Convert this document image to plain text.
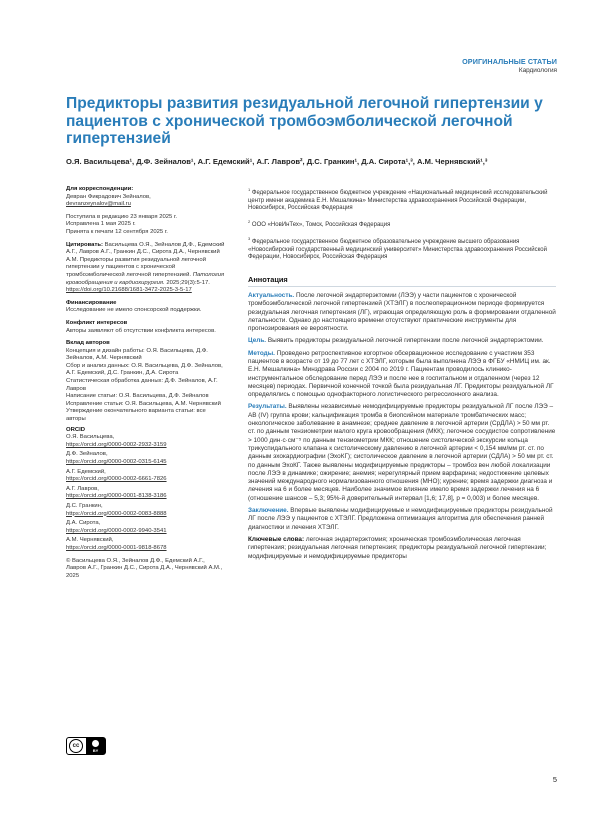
ОРИГИНАЛЬНЫЕ СТАТЬИ
Кардиология
Предикторы развития резидуальной легочной гипертензии у пациентов с хронической тромбоэмболической легочной гипертензией
О.Я. Васильцева¹, Д.Ф. Зейналов¹, А.Г. Едемский¹, А.Г. Лавров², Д.С. Гранкин¹, Д.А. Сирота¹,³, А.М. Чернявский¹,³
Для корреспонденции:
Девран Фикрадович Зейналов,
devranzeynalov@mail.ru
Поступила в редакцию 23 января 2025 г.
Исправлена 1 мая 2025 г.
Принята к печати 12 сентября 2025 г.
Цитировать: Васильцева О.Я., Зейналов Д.Ф., Едемский А.Г., Лавров А.Г., Гранкин Д.С., Сирота Д.А., Чернявский А.М. Предикторы развития резидуальной легочной гипертензии у пациентов с хронической тромбоэмболической легочной гипертензией. Патология кровообращения и кардиохирургия. 2025;29(3):5-17. https://doi.org/10.21688/1681-3472-2025-3-5-17
Финансирование
Исследование не имело спонсорской поддержки.
Конфликт интересов
Авторы заявляют об отсутствии конфликта интересов.
Вклад авторов
Концепция и дизайн работы: О.Я. Васильцева, Д.Ф. Зейналов, А.М. Чернявский
Сбор и анализ данных: О.Я. Васильцева, Д.Ф. Зейналов, А.Г. Едемский, Д.С. Гранкин, Д.А. Сирота
Статистическая обработка данных: Д.Ф. Зейналов, А.Г. Лавров
Написание статьи: О.Я. Васильцева, Д.Ф. Зейналов
Исправление статьи: О.Я. Васильцева, А.М. Чернявский
Утверждение окончательного варианта статьи: все авторы
ORCID
О.Я. Васильцева,
https://orcid.org/0000-0002-2932-3159
Д.Ф. Зейналов,
https://orcid.org/0000-0002-0315-6145
А.Г. Едемский,
https://orcid.org/0000-0002-6661-7826
А.Г. Лавров,
https://orcid.org/0000-0001-8138-3186
Д.С. Гранкин,
https://orcid.org/0000-0002-0083-8888
Д.А. Сирота,
https://orcid.org/0000-0002-9940-3541
А.М. Чернявский,
https://orcid.org/0000-0001-9818-8678
© Васильцева О.Я., Зейналов Д.Ф., Едемский А.Г., Лавров А.Г., Гранкин Д.С., Сирота Д.А., Чернявский А.М., 2025
$^1$ Федеральное государственное бюджетное учреждение «Национальный медицинский исследовательский центр имени академика Е.Н. Мешалкина» Министерства здравоохранения Российской Федерации, Новосибирск, Российская Федерация
$^2$ ООО «НовИнТех», Томск, Российская Федерация
$^3$ Федеральное государственное бюджетное образовательное учреждение высшего образования «Новосибирский государственный медицинский университет» Министерства здравоохранения Российской Федерации, Новосибирск, Российская Федерация
Аннотация
Актуальность. После легочной эндартерэктомии (ЛЭЭ) у части пациентов с хронической тромбоэмболической легочной гипертензией (ХТЭЛГ) в послеоперационном периоде формируется резидуальная легочная гипертензия (ЛГ), играющая определяющую роль в формировании отдаленной летальности. Однако до настоящего времени отсутствуют практические инструменты для прогнозирования ее вероятности.
Цель. Выявить предикторы резидуальной легочной гипертензии после легочной эндартерэктомии.
Методы. Проведено ретроспективное когортное обсервационное исследование с участием 353 пациентов в возрасте от 19 до 77 лет с ХТЭЛГ, которым была выполнена ЛЭЭ в ФГБУ «НМИЦ им. ак. Е.Н. Мешалкина» Минздрава России с 2004 по 2019 г. Пациентам проводилось клинико-инструментальное обследование перед ЛЭЭ и после нее в госпитальном и отдаленном (через 12 месяцев) периодах. Первичной конечной точкой была резидуальная ЛГ. Предикторы резидуальной ЛГ определялись с помощью однофакторного логистического регрессионного анализа.
Результаты. Выявлены независимые немодифицируемые предикторы резидуальной ЛГ после ЛЭЭ – АВ (IV) группа крови; кальцификация тромба в биопсийном материале тромбатических масс; онкологическое заболевание в анамнезе; среднее давление в легочной артерии (СрДЛА) > 50 мм рт. ст. по данным тензиометрии малого круга кровообращения (МКК); легочное сосудистое сопротивление > 1000 дин·с·см⁻⁵ по данным тензиометрии МКК; отношение систолической экскурсии кольца трикуспидального клапана к систолическому давлению в легочной артерии < 0,154 мм/мм рт. ст. по данным эхокардиографии (ЭхоКГ); систолическое давление в легочной артерии (СДЛА) > 50 мм рт. ст. по данным ЭхоКГ. Также выявлены модифицируемые предикторы – тромбоз вен любой локализации после ЛЭЭ в динамике; ожирение; анемия; нерегулярный прием варфарина; недостижение целевых значений международного нормализованного отношения (МНО); курение; время задержки диагноза и лечения на 6 и более месяцев. Наиболее значимое влияние имело время задержки лечения на 6 (отношение шансов – 5,3; 95%-й доверительный интервал [1,6; 17,8], p = 0,003) и более месяцев.
Заключение. Впервые выявлены модифицируемые и немодифицируемые предикторы резидуальной ЛГ после ЛЭЭ у пациентов с ХТЭЛГ. Предложена оптимизация алгоритма для обеспечения ранней диагностики и лечения ХТЭЛГ.
Ключевые слова: легочная эндартерэктомия; хроническая тромбоэмболическая легочная гипертензия; резидуальная легочная гипертензия; предикторы резидуальной легочной гипертензии; модифицируемые и немодифицируемые предикторы
cc
BY
5
